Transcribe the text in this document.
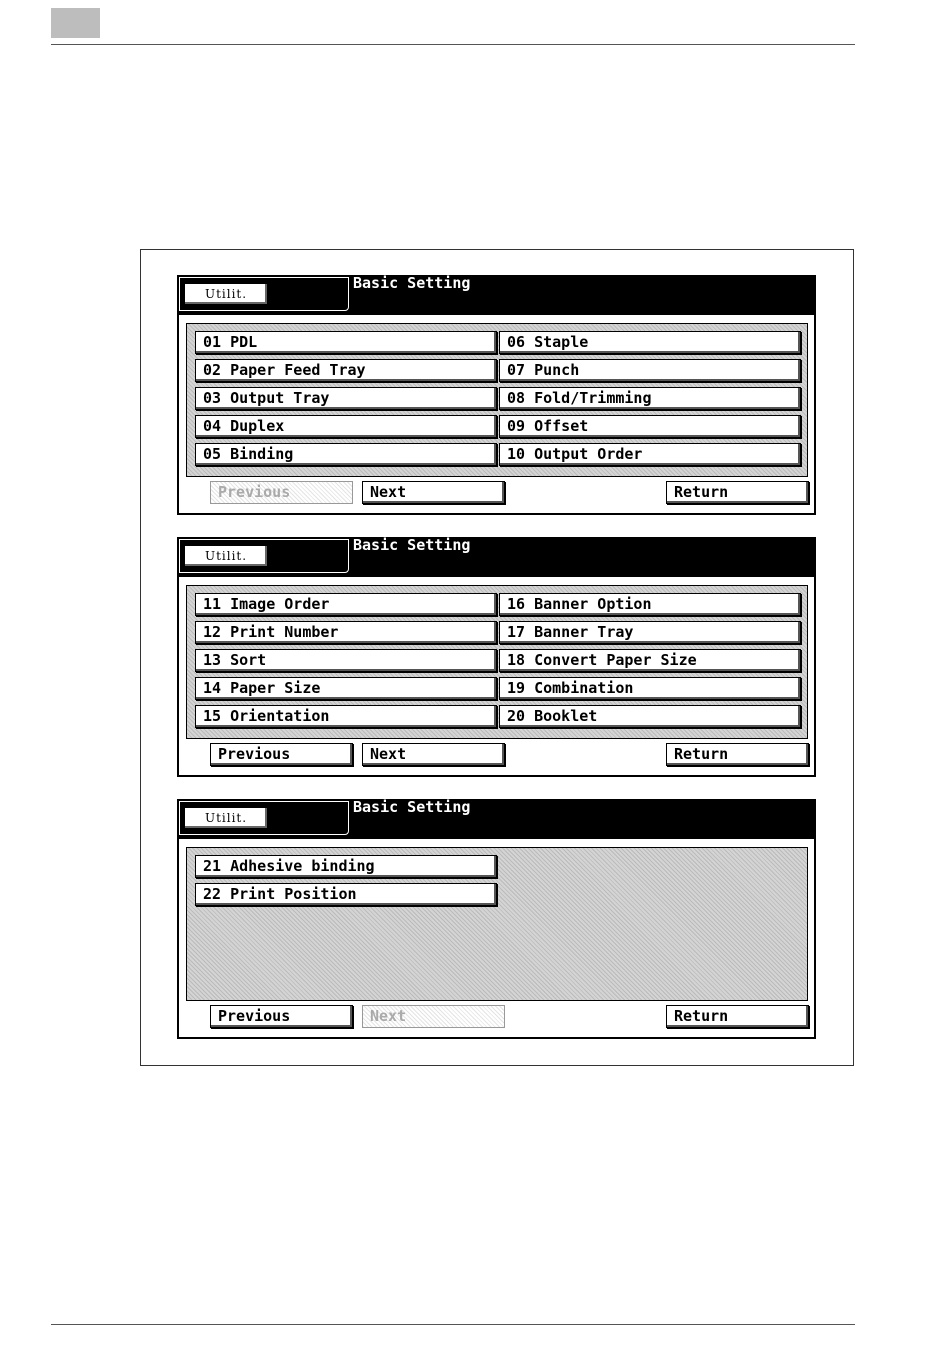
Utilit.
Basic Setting
01 PDL
02 Paper Feed Tray
03 Output Tray
04 Duplex
05 Binding
06 Staple
07 Punch
08 Fold/Trimming
09 Offset
10 Output Order
Previous	Next	Return
Utilit.
Basic Setting
11 Image Order
12 Print Number
13 Sort
14 Paper Size
15 Orientation
16 Banner Option
17 Banner Tray
18 Convert Paper Size
19 Combination
20 Booklet
Previous	Next	Return
Utilit.
Basic Setting
21 Adhesive binding
22 Print Position
Previous	Next	Return
